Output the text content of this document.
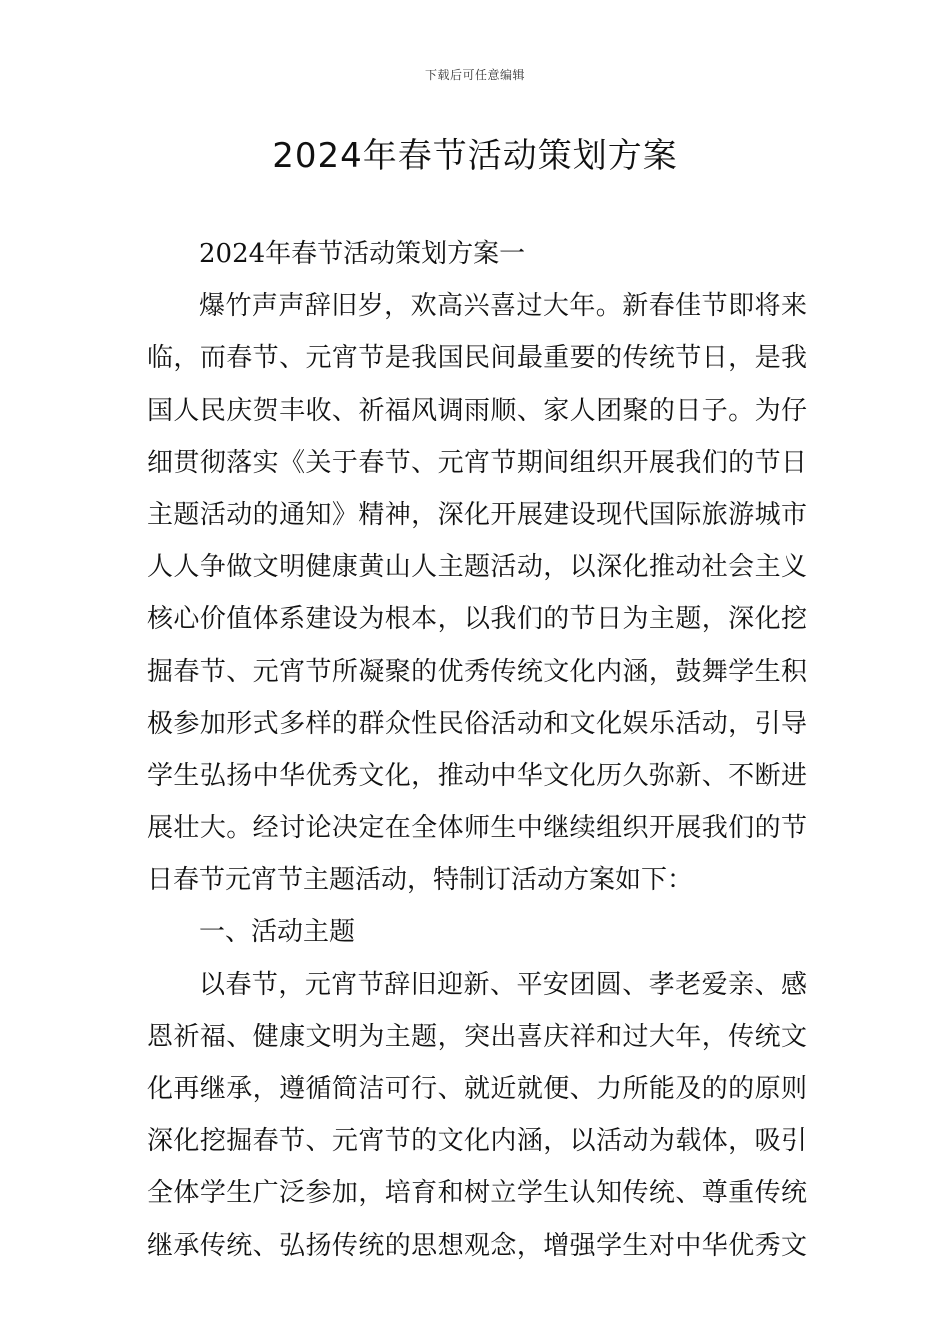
下载后可任意编辑
2024年春节活动策划方案
2024年春节活动策划方案一
爆竹声声辞旧岁，欢高兴喜过大年。新春佳节即将来
临，而春节、元宵节是我国民间最重要的传统节日，是我
国人民庆贺丰收、祈福风调雨顺、家人团聚的日子。为仔
细贯彻落实《关于春节、元宵节期间组织开展我们的节日
主题活动的通知》精神，深化开展建设现代国际旅游城市
人人争做文明健康黄山人主题活动，以深化推动社会主义
核心价值体系建设为根本，以我们的节日为主题，深化挖
掘春节、元宵节所凝聚的优秀传统文化内涵，鼓舞学生积
极参加形式多样的群众性民俗活动和文化娱乐活动，引导
学生弘扬中华优秀文化，推动中华文化历久弥新、不断进
展壮大。经讨论决定在全体师生中继续组织开展我们的节
日春节元宵节主题活动，特制订活动方案如下：
一、活动主题
以春节，元宵节辞旧迎新、平安团圆、孝老爱亲、感
恩祈福、健康文明为主题，突出喜庆祥和过大年，传统文
化再继承，遵循简洁可行、就近就便、力所能及的的原则
深化挖掘春节、元宵节的文化内涵，以活动为载体，吸引
全体学生广泛参加，培育和树立学生认知传统、尊重传统
继承传统、弘扬传统的思想观念，增强学生对中华优秀文
